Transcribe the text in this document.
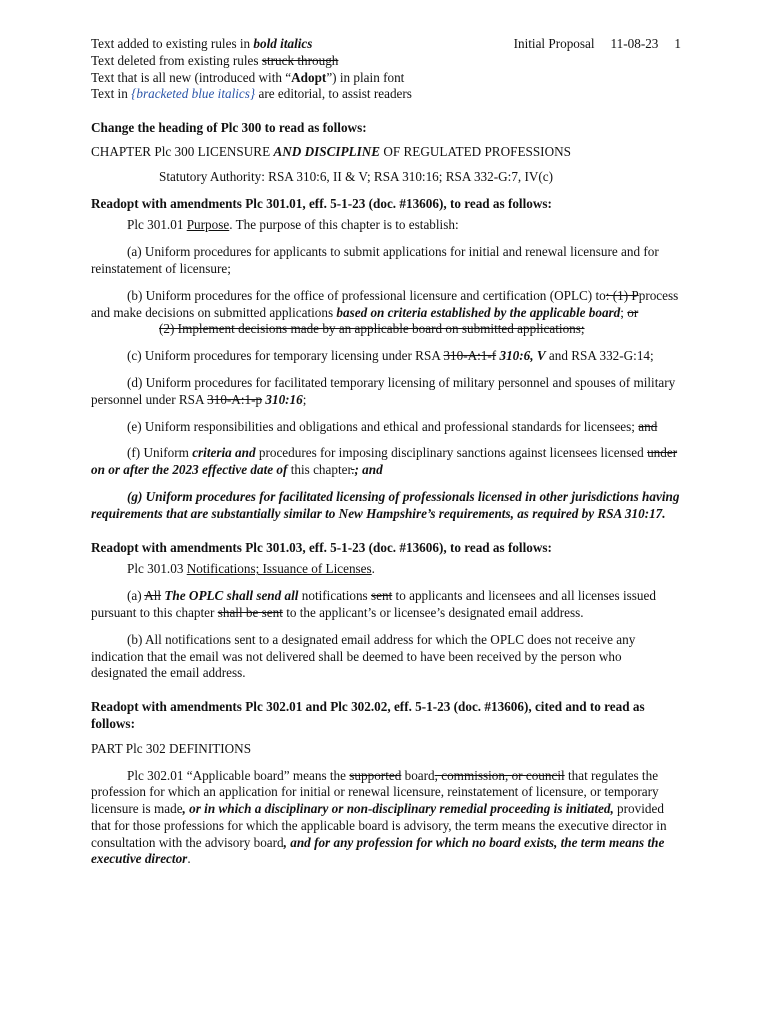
Text added to existing rules in bold italics

Text deleted from existing rules struck through

Text that is all new (introduced with “Adopt”) in plain font

Text in {bracketed blue italics} are editorial, to assist readers

Initial Proposal 11-08-23 1

Change the heading of Plc 300 to read as follows:

CHAPTER Plc 300 LICENSURE AND DISCIPLINE OF REGULATED PROFESSIONS

Statutory Authority: RSA 310:6, II & V; RSA 310:16; RSA 332-G:7, IV(c)

Readopt with amendments Plc 301.01, eff. 5-1-23 (doc. #13606), to read as follows:

Plc 301.01 Purpose. The purpose of this chapter is to establish:

(a) Uniform procedures for applicants to submit applications for initial and renewal licensure and for reinstatement of licensure;

(b) Uniform procedures for the office of professional licensure and certification (OPLC) to: (1) Pprocess and make decisions on submitted applications based on criteria established by the applicable board; or

(2) Implement decisions made by an applicable board on submitted applications;

(c) Uniform procedures for temporary licensing under RSA 310-A:1-f 310:6, V and RSA 332-G:14;

(d) Uniform procedures for facilitated temporary licensing of military personnel and spouses of military personnel under RSA 310-A:1-p 310:16;

(e) Uniform responsibilities and obligations and ethical and professional standards for licensees; and

(f) Uniform criteria and procedures for imposing disciplinary sanctions against licensees licensed under on or after the 2023 effective date of this chapter.; and

(g) Uniform procedures for facilitated licensing of professionals licensed in other jurisdictions having requirements that are substantially similar to New Hampshire’s requirements, as required by RSA 310:17.

Readopt with amendments Plc 301.03, eff. 5-1-23 (doc. #13606), to read as follows:

Plc 301.03 Notifications; Issuance of Licenses.

(a) All The OPLC shall send all notifications sent to applicants and licensees and all licenses issued pursuant to this chapter shall be sent to the applicant’s or licensee’s designated email address.

(b) All notifications sent to a designated email address for which the OPLC does not receive any indication that the email was not delivered shall be deemed to have been received by the person who designated the email address.

Readopt with amendments Plc 302.01 and Plc 302.02, eff. 5-1-23 (doc. #13606), cited and to read as follows:

PART Plc 302 DEFINITIONS

Plc 302.01 “Applicable board” means the supported board, commission, or council that regulates the profession for which an application for initial or renewal licensure, reinstatement of licensure, or temporary licensure is made, or in which a disciplinary or non-disciplinary remedial proceeding is initiated, provided that for those professions for which the applicable board is advisory, the term means the executive director in consultation with the advisory board, and for any profession for which no board exists, the term means the executive director.
